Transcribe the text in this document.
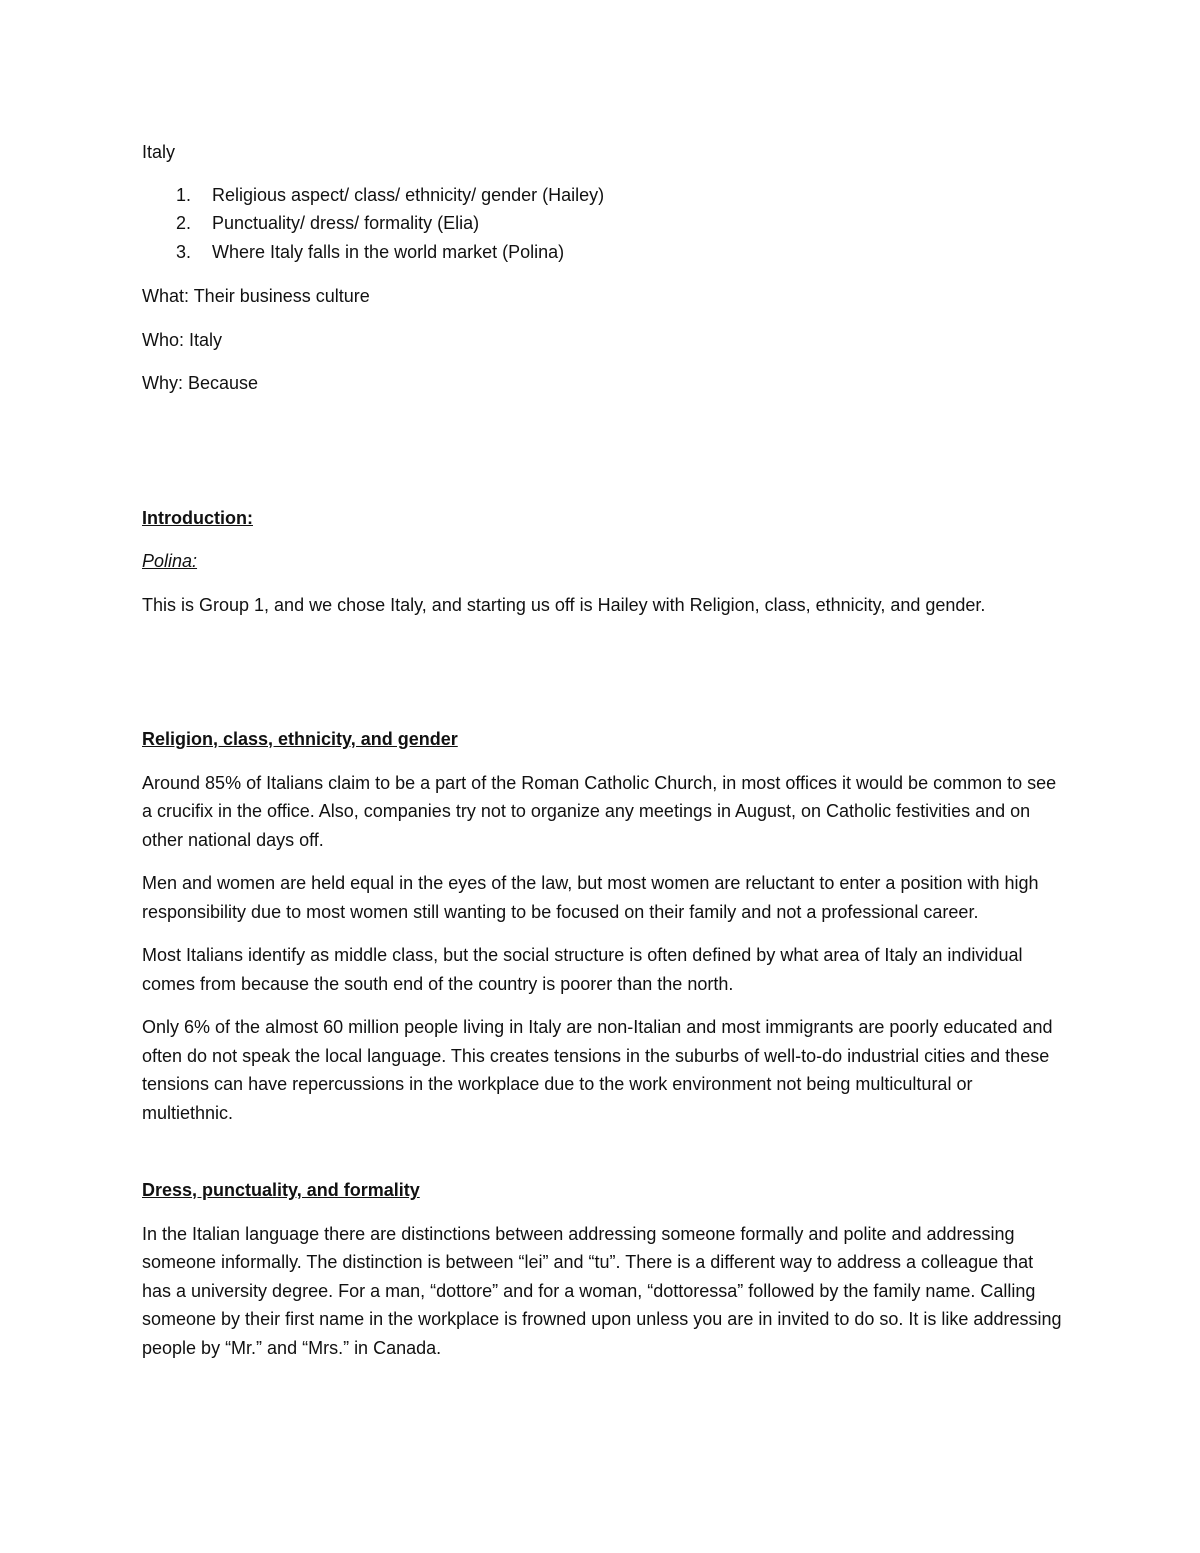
Italy

1.	Religious aspect/ class/ ethnicity/ gender (Hailey)
2.	Punctuality/ dress/ formality (Elia)
3.	Where Italy falls in the world market (Polina)

What: Their business culture

Who: Italy

Why: Because

Introduction:

Polina:

This is Group 1, and we chose Italy, and starting us off is Hailey with Religion, class, ethnicity, and gender.

Religion, class, ethnicity, and gender

Around 85% of Italians claim to be a part of the Roman Catholic Church, in most offices it would be common to see a crucifix in the office. Also, companies try not to organize any meetings in August, on Catholic festivities and on other national days off.

Men and women are held equal in the eyes of the law, but most women are reluctant to enter a position with high responsibility due to most women still wanting to be focused on their family and not a professional career.

Most Italians identify as middle class, but the social structure is often defined by what area of Italy an individual comes from because the south end of the country is poorer than the north.

Only 6% of the almost 60 million people living in Italy are non-Italian and most immigrants are poorly educated and often do not speak the local language. This creates tensions in the suburbs of well-to-do industrial cities and these tensions can have repercussions in the workplace due to the work environment not being multicultural or multiethnic.

Dress, punctuality, and formality

In the Italian language there are distinctions between addressing someone formally and polite and addressing someone informally. The distinction is between “lei” and “tu”. There is a different way to address a colleague that has a university degree. For a man, “dottore” and for a woman, “dottoressa” followed by the family name. Calling someone by their first name in the workplace is frowned upon unless you are in invited to do so. It is like addressing people by “Mr.” and “Mrs.” in Canada.
